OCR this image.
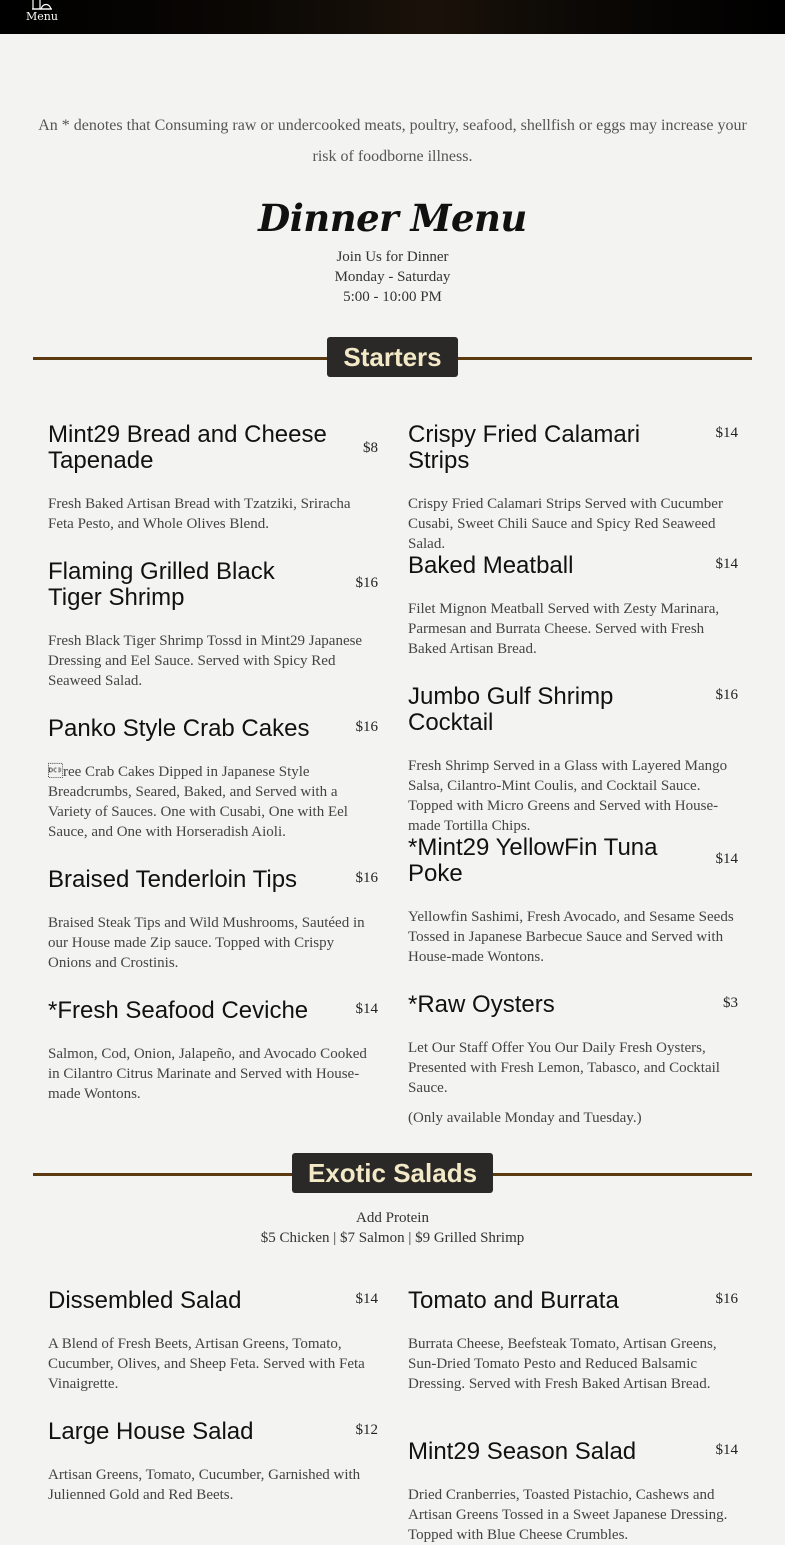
Menu
An * denotes that Consuming raw or undercooked meats, poultry, seafood, shellfish or eggs may increase your risk of foodborne illness.
Dinner Menu
Join Us for Dinner
Monday - Saturday
5:00 - 10:00 PM
Starters
Mint29 Bread and Cheese Tapenade	$8
Fresh Baked Artisan Bread with Tzatziki, Sriracha Feta Pesto, and Whole Olives Blend.
Flaming Grilled Black Tiger Shrimp
$16
Fresh Black Tiger Shrimp Tossd in Mint29 Japanese Dressing and Eel Sauce. Served with Spicy Red Seaweed Salad.
Panko Style Crab Cakes	$16
ree Crab Cakes Dipped in Japanese Style Breadcrumbs, Seared, Baked, and Served with a Variety of Sauces. One with Cusabi, One with Eel Sauce, and One with Horseradish Aioli.
Braised Tenderloin Tips	$16
Braised Steak Tips and Wild Mushrooms, Sautéed in our House made Zip sauce. Topped with Crispy Onions and Crostinis.
*Fresh Seafood Ceviche	$14
Salmon, Cod, Onion, Jalapeño, and Avocado Cooked in Cilantro Citrus Marinate and Served with House-made Wontons.
Crispy Fried Calamari Strips
$14
Crispy Fried Calamari Strips Served with Cucumber Cusabi, Sweet Chili Sauce and Spicy Red Seaweed Salad.
Baked Meatball	$14
Filet Mignon Meatball Served with Zesty Marinara, Parmesan and Burrata Cheese. Served with Fresh Baked Artisan Bread.
Jumbo Gulf Shrimp Cocktail
$16
Fresh Shrimp Served in a Glass with Layered Mango Salsa, Cilantro-Mint Coulis, and Cocktail Sauce. Topped with Micro Greens and Served with House-made Tortilla Chips.
*Mint29 YellowFin Tuna Poke
$14
Yellowfin Sashimi, Fresh Avocado, and Sesame Seeds Tossed in Japanese Barbecue Sauce and Served with House-made Wontons.
*Raw Oysters	$3
Let Our Staff Offer You Our Daily Fresh Oysters, Presented with Fresh Lemon, Tabasco, and Cocktail Sauce.
(Only available Monday and Tuesday.)
Exotic Salads
Add Protein
$5 Chicken | $7 Salmon | $9 Grilled Shrimp
Dissembled Salad	$14
A Blend of Fresh Beets, Artisan Greens, Tomato, Cucumber, Olives, and Sheep Feta. Served with Feta Vinaigrette.
Large House Salad	$12
Artisan Greens, Tomato, Cucumber, Garnished with Julienned Gold and Red Beets.
Tomato and Burrata	$16
Burrata Cheese, Beefsteak Tomato, Artisan Greens, Sun-Dried Tomato Pesto and Reduced Balsamic Dressing. Served with Fresh Baked Artisan Bread.
Mint29 Season Salad	$14
Dried Cranberries, Toasted Pistachio, Cashews and Artisan Greens Tossed in a Sweet Japanese Dressing. Topped with Blue Cheese Crumbles.
